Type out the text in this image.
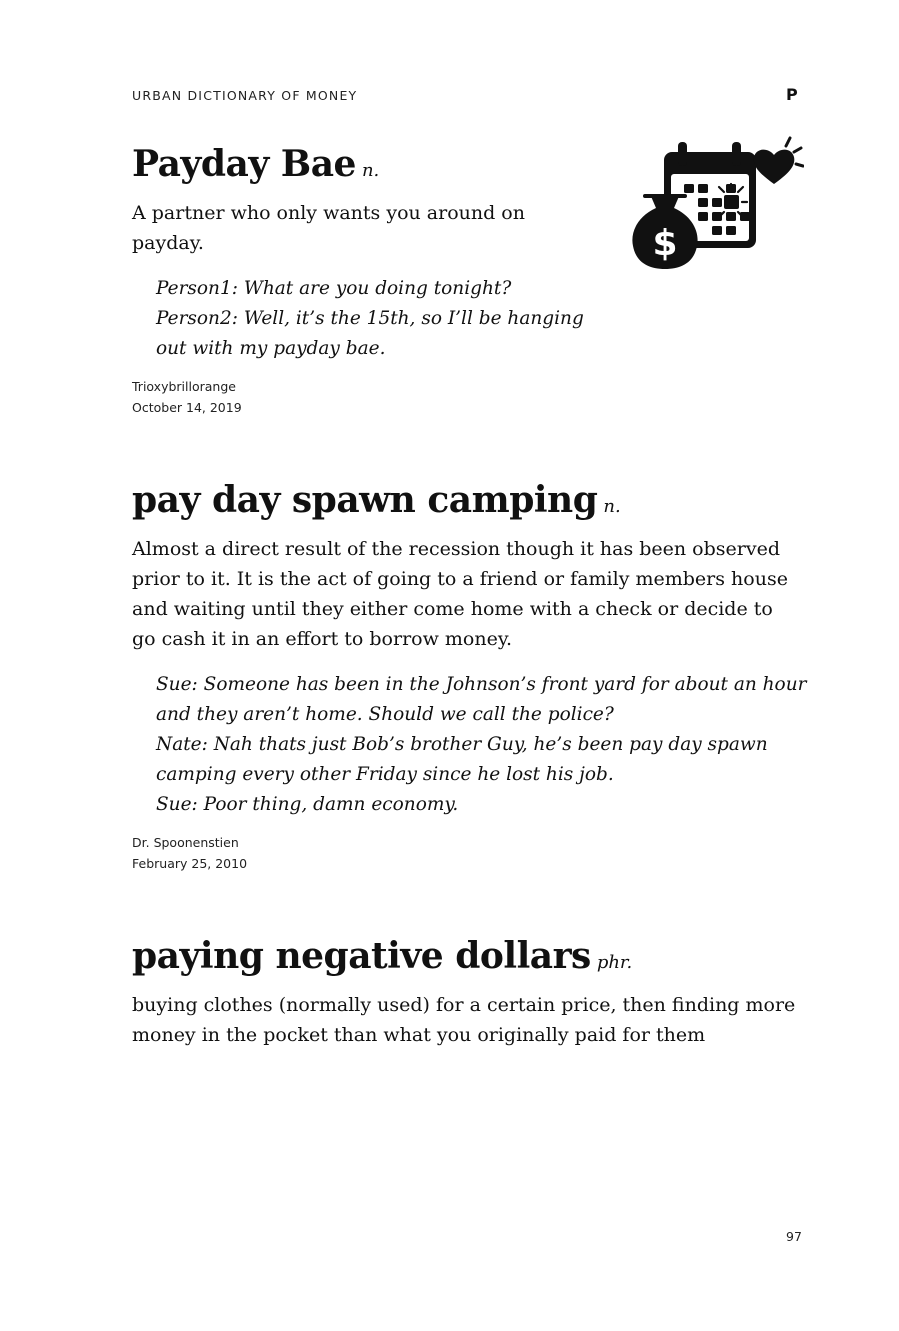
URBAN DICTIONARY OF MONEY	P

Payday Bae n.

A partner who only wants you around on
payday.
Person1: What are you doing tonight?
Person2: Well, it’s the 15th, so I’ll be hanging
out with my payday bae.
Trioxybrillorange
October 14, 2019
$

pay day spawn camping n.

Almost a direct result of the recession though it has been observed
prior to it. It is the act of going to a friend or family members house
and waiting until they either come home with a check or decide to
go cash it in an effort to borrow money.
Sue: Someone has been in the Johnson’s front yard for about an hour
and they aren’t home. Should we call the police?
Nate: Nah thats just Bob’s brother Guy, he’s been pay day spawn
camping every other Friday since he lost his job.
Sue: Poor thing, damn economy.
Dr. Spoonenstien
February 25, 2010

paying negative dollars phr.

buying clothes (normally used) for a certain price, then finding more
money in the pocket than what you originally paid for them
97
